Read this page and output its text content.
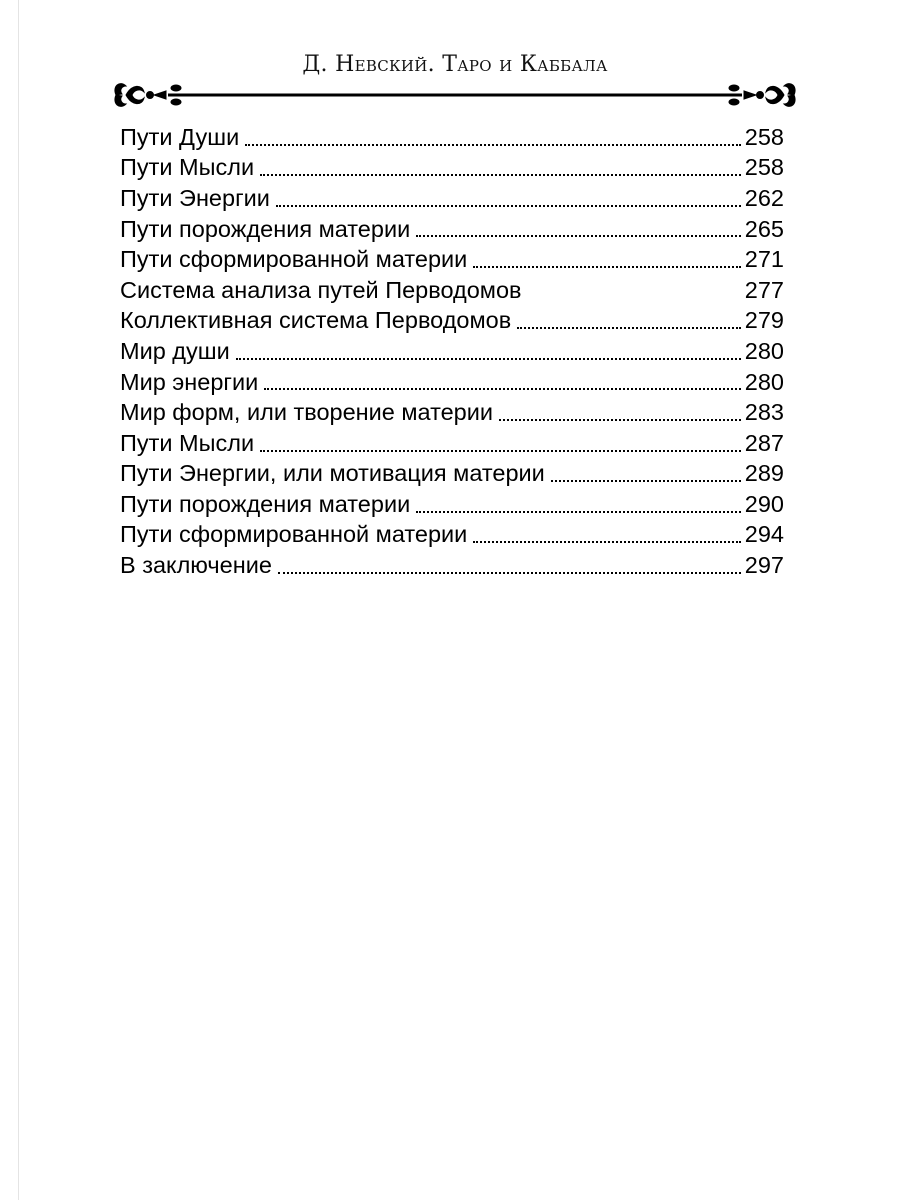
Д. Невский. Таро и Каббала
Пути Души	258
Пути Мысли	258
Пути Энергии	262
Пути порождения материи	265
Пути сформированной материи	271
Система анализа путей Перводомов	277
Коллективная система Перводомов	279
Мир души	280
Мир энергии	280
Мир форм, или творение материи	283
Пути Мысли	287
Пути Энергии, или мотивация материи	289
Пути порождения материи	290
Пути сформированной материи	294
В заключение	297
